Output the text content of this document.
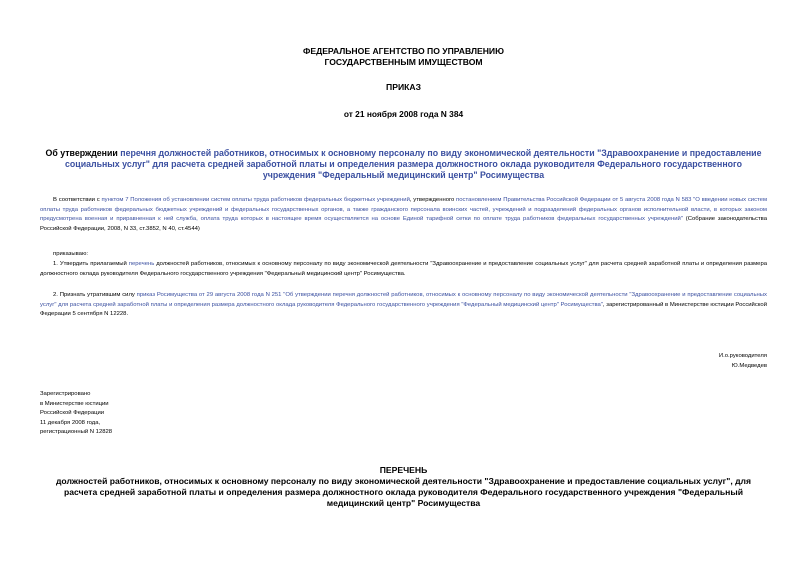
ФЕДЕРАЛЬНОЕ АГЕНТСТВО ПО УПРАВЛЕНИЮ
ГОСУДАРСТВЕННЫМ ИМУЩЕСТВОМ
ПРИКАЗ
от 21 ноября 2008 года N 384
Об утверждении перечня должностей работников, относимых к основному персоналу по виду экономической деятельности "Здравоохранение и предоставление социальных услуг" для расчета средней заработной платы и определения размера должностного оклада руководителя Федерального государственного учреждения "Федеральный медицинский центр" Росимущества
В соответствии с пунктом 7 Положения об установлении систем оплаты труда работников федеральных бюджетных учреждений, утвержденного постановлением Правительства Российской Федерации от 5 августа 2008 года N 583 "О введении новых систем оплаты труда работников федеральных бюджетных учреждений и федеральных государственных органов, а также гражданского персонала воинских частей, учреждений и подразделений федеральных органов исполнительной власти, в которых законом предусмотрена военная и приравненная к ней служба, оплата труда которых в настоящее время осуществляется на основе Единой тарифной сетки по оплате труда работников федеральных государственных учреждений" (Собрание законодательства Российской Федерации, 2008, N 33, ст.3852, N 40, ст.4544)
приказываю:
1. Утвердить прилагаемый перечень должностей работников, относимых к основному персоналу по виду экономической деятельности "Здравоохранение и предоставление социальных услуг" для расчета средней заработной платы и определения размера должностного оклада руководителя Федерального государственного учреждения "Федеральный медицинский центр" Росимущества.
2. Признать утратившим силу приказ Росимущества от 29 августа 2008 года N 251 "Об утверждении перечня должностей работников, относимых к основному персоналу по виду экономической деятельности "Здравоохранение и предоставление социальных услуг" для расчета средней заработной платы и определения размера должностного оклада руководителя Федерального государственного учреждения "Федеральный медицинский центр" Росимущества", зарегистрированный в Министерстве юстиции Российской Федерации 5 сентября N 12228.
И.о.руководителя
Ю.Медведев
Зарегистрировано
в Министерстве юстиции
Российской Федерации
11 декабря 2008 года,
регистрационный N 12828
ПЕРЕЧЕНЬ
должностей работников, относимых к основному персоналу по виду экономической деятельности "Здравоохранение и предоставление социальных услуг", для расчета средней заработной платы и определения размера должностного оклада руководителя Федерального государственного учреждения "Федеральный медицинский центр" Росимущества
